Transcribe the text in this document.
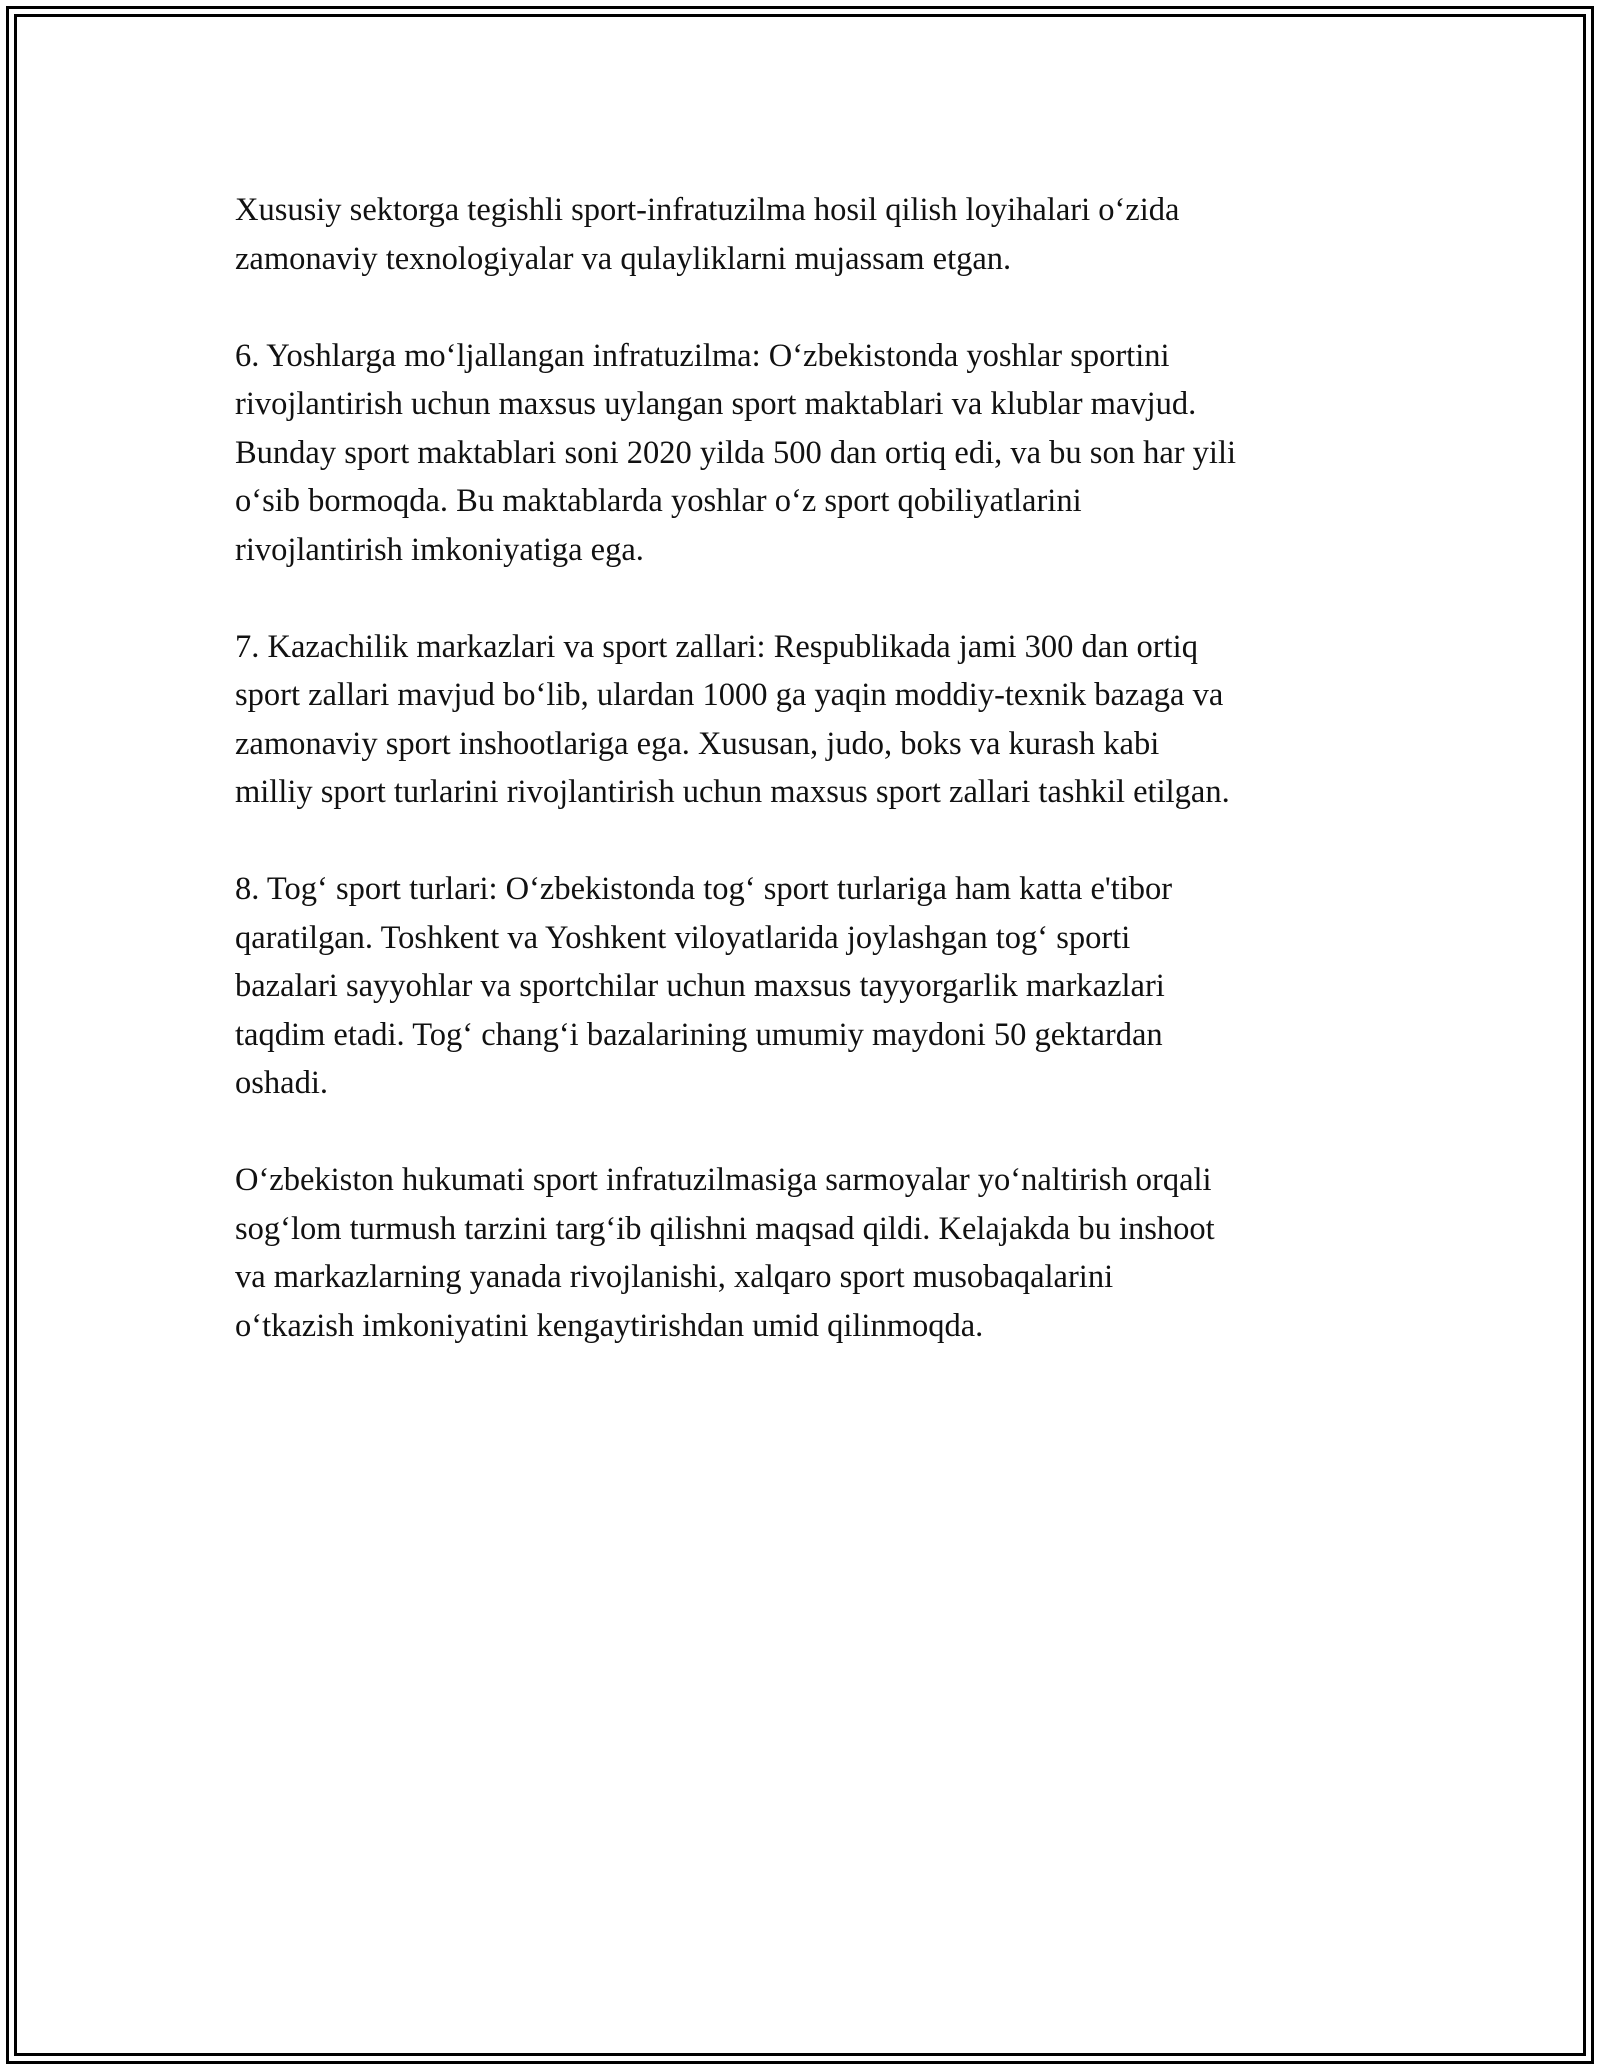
Xususiy sektorga tegishli sport-infratuzilma hosil qilish loyihalari o‘zida
zamonaviy texnologiyalar va qulayliklarni mujassam etgan.

6. Yoshlarga mo‘ljallangan infratuzilma: O‘zbekistonda yoshlar sportini
rivojlantirish uchun maxsus uylangan sport maktablari va klublar mavjud.
Bunday sport maktablari soni 2020 yilda 500 dan ortiq edi, va bu son har yili
o‘sib bormoqda. Bu maktablarda yoshlar o‘z sport qobiliyatlarini
rivojlantirish imkoniyatiga ega.

7. Kazachilik markazlari va sport zallari: Respublikada jami 300 dan ortiq
sport zallari mavjud bo‘lib, ulardan 1000 ga yaqin moddiy-texnik bazaga va
zamonaviy sport inshootlariga ega. Xususan, judo, boks va kurash kabi
milliy sport turlarini rivojlantirish uchun maxsus sport zallari tashkil etilgan.

8. Tog‘ sport turlari: O‘zbekistonda tog‘ sport turlariga ham katta e'tibor
qaratilgan. Toshkent va Yoshkent viloyatlarida joylashgan tog‘ sporti
bazalari sayyohlar va sportchilar uchun maxsus tayyorgarlik markazlari
taqdim etadi. Tog‘ chang‘i bazalarining umumiy maydoni 50 gektardan
oshadi.

O‘zbekiston hukumati sport infratuzilmasiga sarmoyalar yo‘naltirish orqali
sog‘lom turmush tarzini targ‘ib qilishni maqsad qildi. Kelajakda bu inshoot
va markazlarning yanada rivojlanishi, xalqaro sport musobaqalarini
o‘tkazish imkoniyatini kengaytirishdan umid qilinmoqda.
